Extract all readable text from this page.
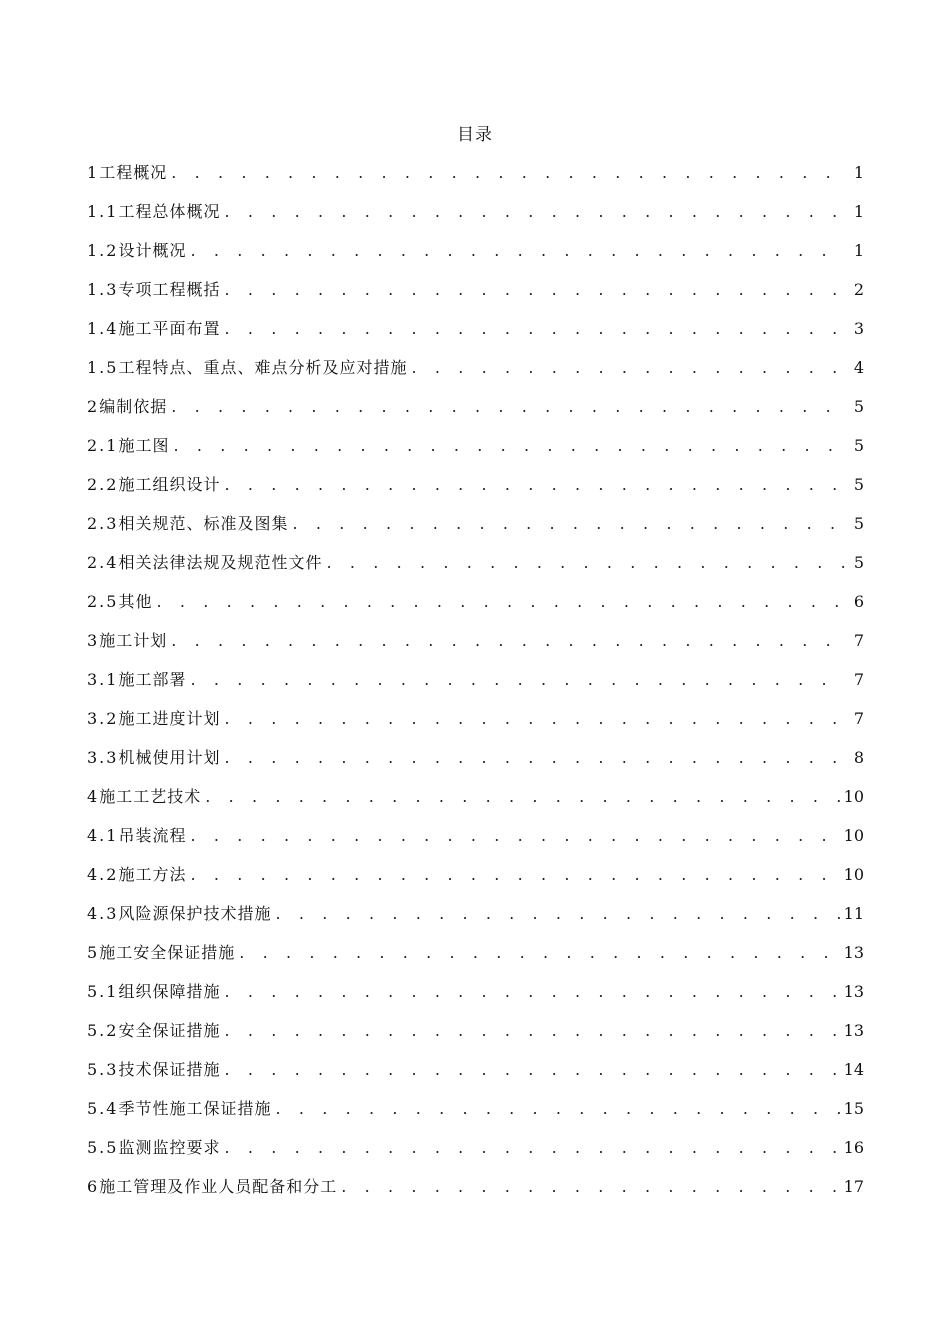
目录
1工程概况 . . .	1
1.1工程总体概况 . . .	1
1.2设计概况 . . .	1
1.3专项工程概括 . . .	2
1.4施工平面布置 . . .	3
1.5工程特点、重点、难点分析及应对措施 . . .	4
2编制依据 . . .	5
2.1施工图 . . .	5
2.2施工组织设计 . . .	5
2.3相关规范、标准及图集 . . .	5
2.4相关法律法规及规范性文件 . . .	5
2.5其他 . . .	6
3施工计划 . . .	7
3.1施工部署 . . .	7
3.2施工进度计划 . . .	7
3.3机械使用计划 . . .	8
4施工工艺技术 . . .	10
4.1吊装流程 . . .	10
4.2施工方法 . . .	10
4.3风险源保护技术措施 . . .	11
5施工安全保证措施 . . .	13
5.1组织保障措施 . . .	13
5.2安全保证措施 . . .	13
5.3技术保证措施 . . .	14
5.4季节性施工保证措施 . . .	15
5.5监测监控要求 . . .	16
6施工管理及作业人员配备和分工 . . .	17
